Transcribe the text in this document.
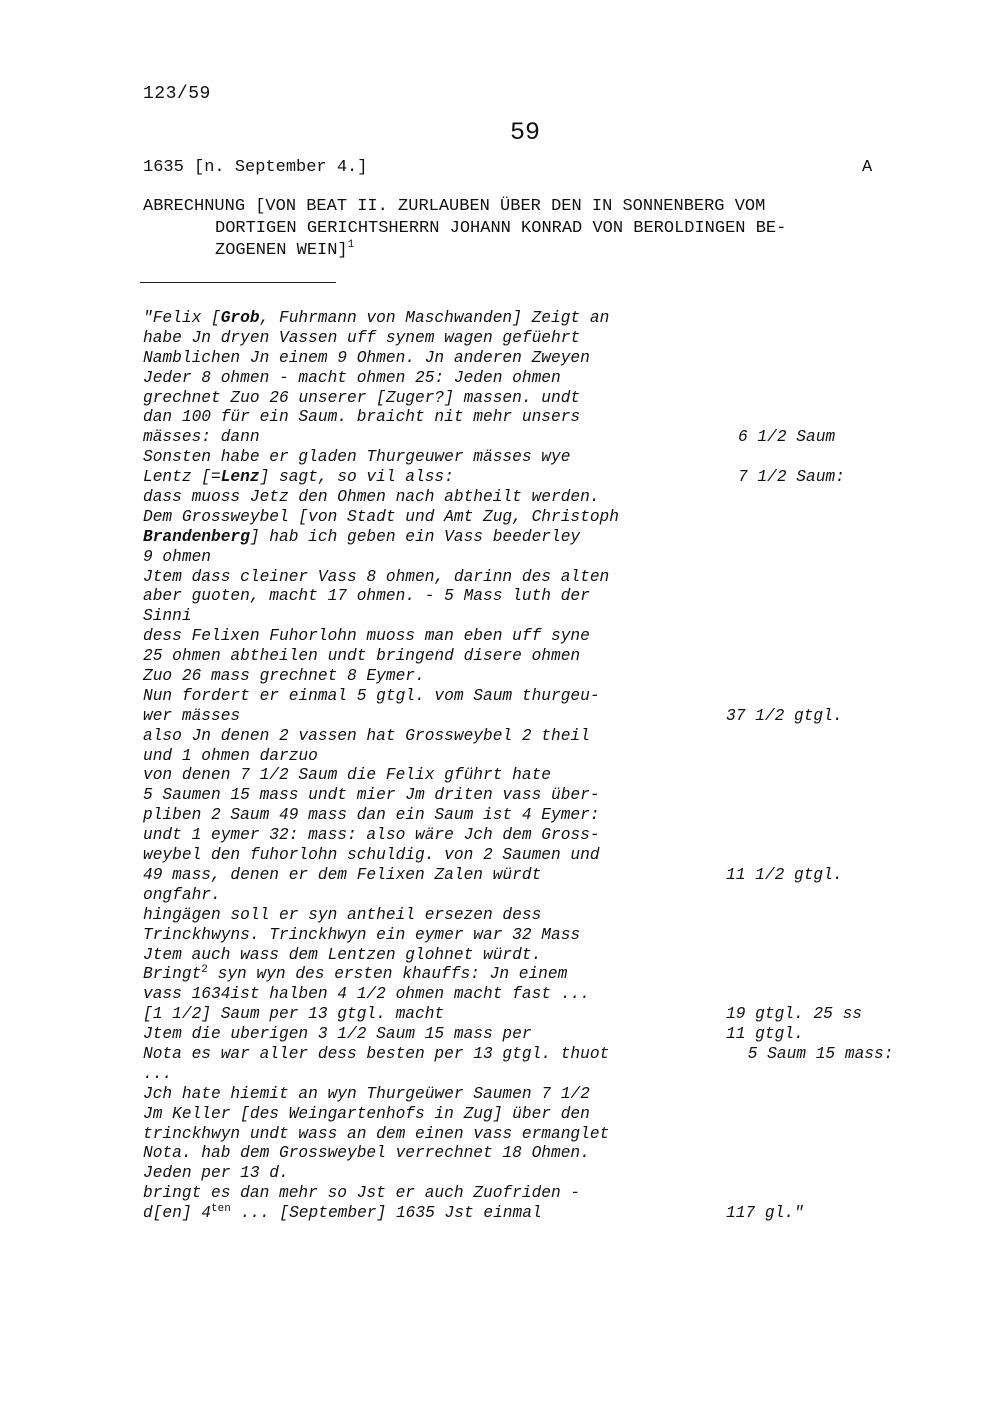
123/59
59
1635 [n. September 4.]	A
ABRECHNUNG [VON BEAT II. ZURLAUBEN ÜBER DEN IN SONNENBERG VOM
DORTIGEN GERICHTSHERRN JOHANN KONRAD VON BEROLDINGEN BE-
ZOGENEN WEIN]$^1$
"Felix [Grob, Fuhrmann von Maschwanden] Zeigt an
habe Jn dryen Vassen uff synem wagen gefüehrt
Namblichen Jn einem 9 Ohmen. Jn anderen Zweyen
Jeder 8 ohmen - macht ohmen 25: Jeden ohmen
grechnet Zuo 26 unserer [Zuger?] massen. undt
dan 100 für ein Saum. braicht nit mehr unsers
mässes: dann	6 1/2 Saum
Sonsten habe er gladen Thurgeuwer mässes wye
Lentz [=Lenz] sagt, so vil alss:	7 1/2 Saum:
dass muoss Jetz den Ohmen nach abtheilt werden.
Dem Grossweybel [von Stadt und Amt Zug, Christoph
Brandenberg] hab ich geben ein Vass beederley
9 ohmen
Jtem dass cleiner Vass 8 ohmen, darinn des alten
aber guoten, macht 17 ohmen. - 5 Mass luth der
Sinni
dess Felixen Fuhorlohn muoss man eben uff syne
25 ohmen abtheilen undt bringend disere ohmen
Zuo 26 mass grechnet 8 Eymer.
Nun fordert er einmal 5 gtgl. vom Saum thurgeu-
wer mässes	37 1/2 gtgl.
also Jn denen 2 vassen hat Grossweybel 2 theil
und 1 ohmen darzuo
von denen 7 1/2 Saum die Felix gführt hate
5 Saumen 15 mass undt mier Jm driten vass über-
pliben 2 Saum 49 mass dan ein Saum ist 4 Eymer:
undt 1 eymer 32: mass: also wäre Jch dem Gross-
weybel den fuhorlohn schuldig. von 2 Saumen und
49 mass, denen er dem Felixen Zalen würdt	11 1/2 gtgl.
ongfahr.
hingägen soll er syn antheil ersezen dess
Trinckhwyns. Trinckhwyn ein eymer war 32 Mass
Jtem auch wass dem Lentzen glohnet würdt.
Bringt$^2$ syn wyn des ersten khauffs: Jn einem
vass 1634ist halben 4 1/2 ohmen macht fast ...
[1 1/2] Saum per 13 gtgl. macht	19 gtgl. 25 ss
Jtem die uberigen 3 1/2 Saum 15 mass per	11 gtgl.
Nota es war aller dess besten per 13 gtgl. thuot	5 Saum 15 mass:
...
Jch hate hiemit an wyn Thurgeüwer Saumen 7 1/2
Jm Keller [des Weingartenhofs in Zug] über den
trinckhwyn undt wass an dem einen vass ermanglet
Nota. hab dem Grossweybel verrechnet 18 Ohmen.
Jeden per 13 d.
bringt es dan mehr so Jst er auch Zuofriden -
d[en] $4^{ten}$ ... [September] 1635 Jst einmal	117 gl."
